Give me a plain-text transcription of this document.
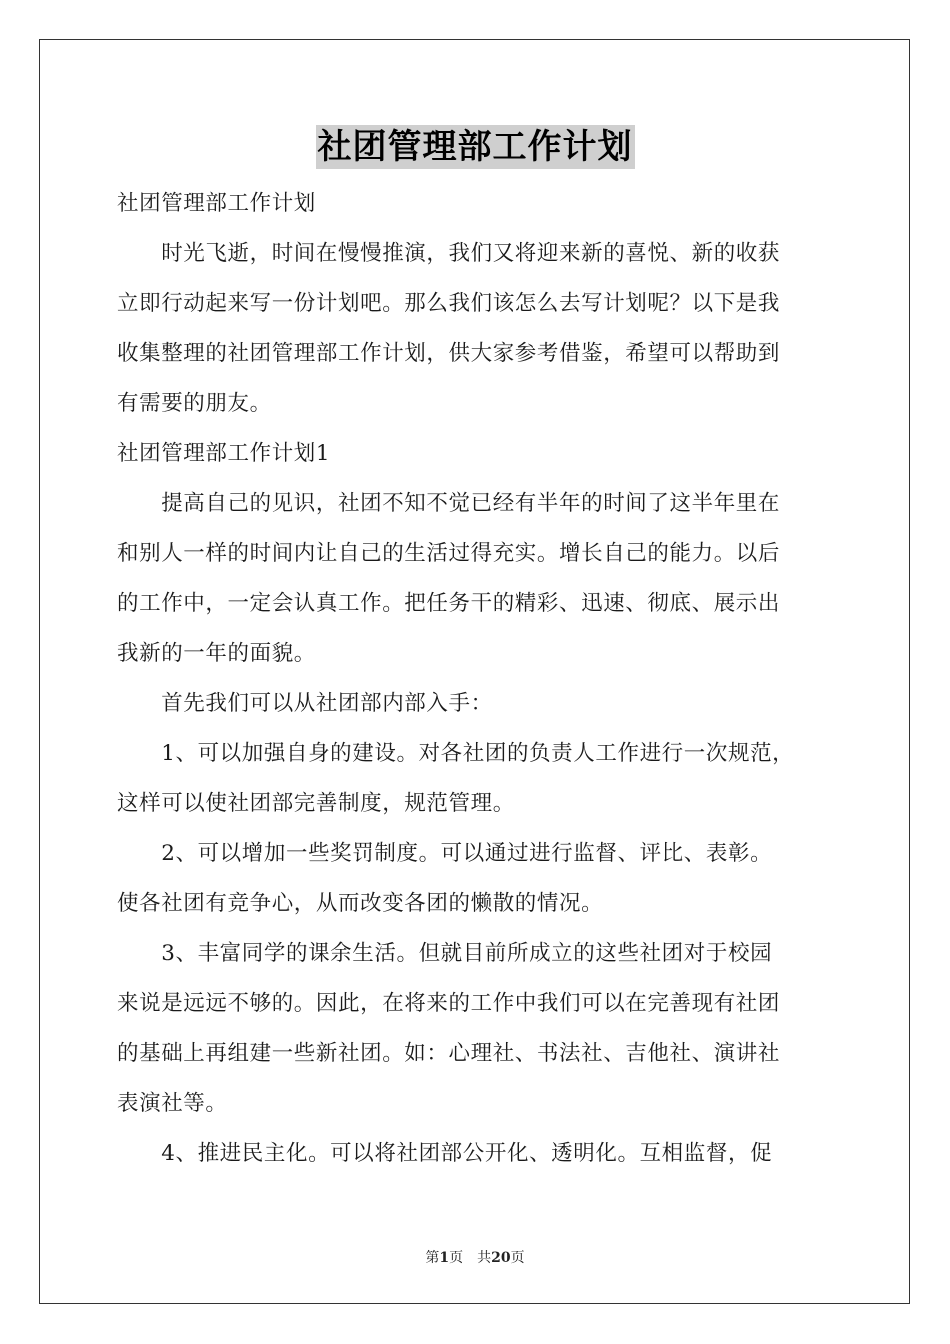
社团管理部工作计划
社团管理部工作计划
　　时光飞逝，时间在慢慢推演，我们又将迎来新的喜悦、新的收获
立即行动起来写一份计划吧。那么我们该怎么去写计划呢？以下是我
收集整理的社团管理部工作计划，供大家参考借鉴，希望可以帮助到
有需要的朋友。
社团管理部工作计划1
　　提高自己的见识，社团不知不觉已经有半年的时间了这半年里在
和别人一样的时间内让自己的生活过得充实。增长自己的能力。以后
的工作中，一定会认真工作。把任务干的精彩、迅速、彻底、展示出
我新的一年的面貌。
　　首先我们可以从社团部内部入手：
　　1、可以加强自身的建设。对各社团的负责人工作进行一次规范，
这样可以使社团部完善制度，规范管理。
　　2、可以增加一些奖罚制度。可以通过进行监督、评比、表彰。
使各社团有竞争心，从而改变各团的懒散的情况。
　　3、丰富同学的课余生活。但就目前所成立的这些社团对于校园
来说是远远不够的。因此，在将来的工作中我们可以在完善现有社团
的基础上再组建一些新社团。如：心理社、书法社、吉他社、演讲社
表演社等。
　　4、推进民主化。可以将社团部公开化、透明化。互相监督，促
第1页　共20页
